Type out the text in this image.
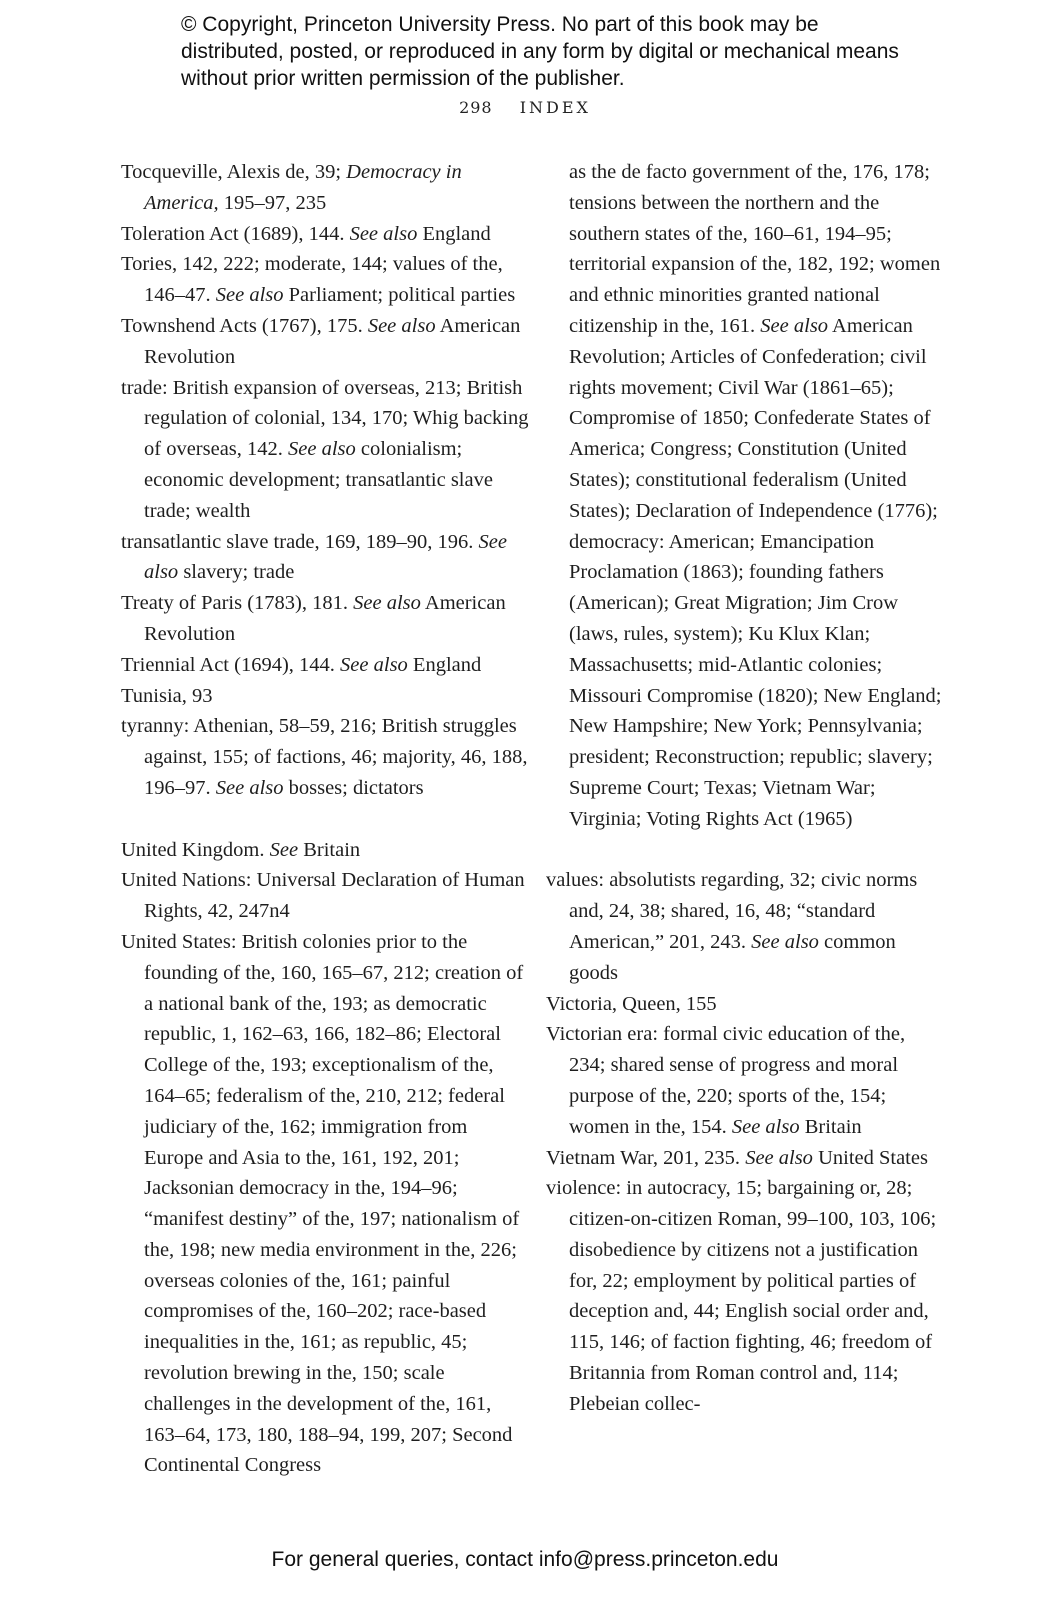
© Copyright, Princeton University Press. No part of this book may be distributed, posted, or reproduced in any form by digital or mechanical means without prior written permission of the publisher.
298 INDEX

Tocqueville, Alexis de, 39; Democracy in America, 195–97, 235

Toleration Act (1689), 144. See also England

Tories, 142, 222; moderate, 144; values of the, 146–47. See also Parliament; political parties

Townshend Acts (1767), 175. See also American Revolution

trade: British expansion of overseas, 213; British regulation of colonial, 134, 170; Whig backing of overseas, 142. See also colonialism; economic development; transatlantic slave trade; wealth

transatlantic slave trade, 169, 189–90, 196. See also slavery; trade

Treaty of Paris (1783), 181. See also American Revolution

Triennial Act (1694), 144. See also England

Tunisia, 93

tyranny: Athenian, 58–59, 216; British struggles against, 155; of factions, 46; majority, 46, 188, 196–97. See also bosses; dictators

United Kingdom. See Britain

United Nations: Universal Declaration of Human Rights, 42, 247n4

United States: British colonies prior to the founding of the, 160, 165–67, 212; creation of a national bank of the, 193; as democratic republic, 1, 162–63, 166, 182–86; Electoral College of the, 193; exceptionalism of the, 164–65; federalism of the, 210, 212; federal judiciary of the, 162; immigration from Europe and Asia to the, 161, 192, 201; Jacksonian democracy in the, 194–96; “manifest destiny” of the, 197; nationalism of the, 198; new media environment in the, 226; overseas colonies of the, 161; painful compromises of the, 160–202; race-based inequalities in the, 161; as republic, 45; revolution brewing in the, 150; scale challenges in the development of the, 161, 163–64, 173, 180, 188–94, 199, 207; Second Continental Congress

as the de facto government of the, 176, 178; tensions between the northern and the southern states of the, 160–61, 194–95; territorial expansion of the, 182, 192; women and ethnic minorities granted national citizenship in the, 161. See also American Revolution; Articles of Confederation; civil rights movement; Civil War (1861–65); Compromise of 1850; Confederate States of America; Congress; Constitution (United States); constitutional federalism (United States); Declaration of Independence (1776); democracy: American; Emancipation Proclamation (1863); founding fathers (American); Great Migration; Jim Crow (laws, rules, system); Ku Klux Klan; Massachusetts; mid-Atlantic colonies; Missouri Compromise (1820); New England; New Hampshire; New York; Pennsylvania; president; Reconstruction; republic; slavery; Supreme Court; Texas; Vietnam War; Virginia; Voting Rights Act (1965)

values: absolutists regarding, 32; civic norms and, 24, 38; shared, 16, 48; “standard American,” 201, 243. See also common goods

Victoria, Queen, 155

Victorian era: formal civic education of the, 234; shared sense of progress and moral purpose of the, 220; sports of the, 154; women in the, 154. See also Britain

Vietnam War, 201, 235. See also United States

violence: in autocracy, 15; bargaining or, 28; citizen-on-citizen Roman, 99–100, 103, 106; disobedience by citizens not a justification for, 22; employment by political parties of deception and, 44; English social order and, 115, 146; of faction fighting, 46; freedom of Britannia from Roman control and, 114; Plebeian collec-

For general queries, contact info@press.princeton.edu
